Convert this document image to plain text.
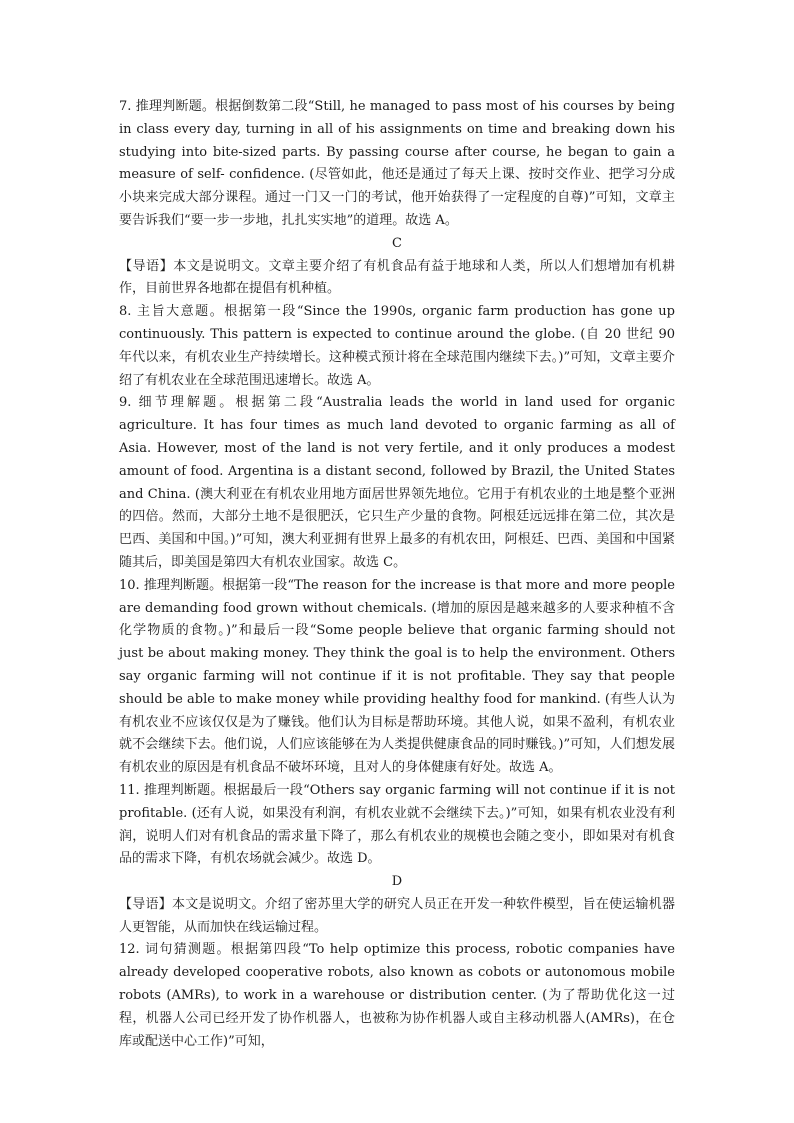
7. 推理判断题。根据倒数第二段“Still, he managed to pass most of his courses by being in class every day, turning in all of his assignments on time and breaking down his studying into bite-sized parts. By passing course after course, he began to gain a measure of self- confidence. (尽管如此，他还是通过了每天上课、按时交作业、把学习分成小块来完成大部分课程。通过一门又一门的考试，他开始获得了一定程度的自尊)”可知，文章主要告诉我们“要一步一步地，扎扎实实地”的道理。故选 A。

C

【导语】本文是说明文。文章主要介绍了有机食品有益于地球和人类，所以人们想增加有机耕作，目前世界各地都在提倡有机种植。

8. 主旨大意题。根据第一段“Since the 1990s, organic farm production has gone up continuously. This pattern is expected to continue around the globe. (自 20 世纪 90 年代以来，有机农业生产持续增长。这种模式预计将在全球范围内继续下去。)”可知，文章主要介绍了有机农业在全球范围迅速增长。故选 A。

9. 细节理解题。根据第二段“Australia leads the world in land used for organic agriculture. It has four times as much land devoted to organic farming as all of Asia. However, most of the land is not very fertile, and it only produces a modest amount of food. Argentina is a distant second, followed by Brazil, the United States and China. (澳大利亚在有机农业用地方面居世界领先地位。它用于有机农业的土地是整个亚洲的四倍。然而，大部分土地不是很肥沃，它只生产少量的食物。阿根廷远远排在第二位，其次是巴西、美国和中国。)”可知，澳大利亚拥有世界上最多的有机农田，阿根廷、巴西、美国和中国紧随其后，即美国是第四大有机农业国家。故选 C。

10. 推理判断题。根据第一段“The reason for the increase is that more and more people are demanding food grown without chemicals. (增加的原因是越来越多的人要求种植不含化学物质的食物。)”和最后一段“Some people believe that organic farming should not just be about making money. They think the goal is to help the environment. Others say organic farming will not continue if it is not profitable. They say that people should be able to make money while providing healthy food for mankind. (有些人认为有机农业不应该仅仅是为了赚钱。他们认为目标是帮助环境。其他人说，如果不盈利，有机农业就不会继续下去。他们说，人们应该能够在为人类提供健康食品的同时赚钱。)”可知，人们想发展有机农业的原因是有机食品不破坏环境，且对人的身体健康有好处。故选 A。

11. 推理判断题。根据最后一段“Others say organic farming will not continue if it is not profitable. (还有人说，如果没有利润，有机农业就不会继续下去。)”可知，如果有机农业没有利润，说明人们对有机食品的需求量下降了，那么有机农业的规模也会随之变小，即如果对有机食品的需求下降，有机农场就会减少。故选 D。

D

【导语】本文是说明文。介绍了密苏里大学的研究人员正在开发一种软件模型，旨在使运输机器人更智能，从而加快在线运输过程。

12. 词句猜测题。根据第四段“To help optimize this process, robotic companies have already developed cooperative robots, also known as cobots or autonomous mobile robots (AMRs), to work in a warehouse or distribution center. (为了帮助优化这一过程，机器人公司已经开发了协作机器人，也被称为协作机器人或自主移动机器人(AMRs)，在仓库或配送中心工作)”可知，
